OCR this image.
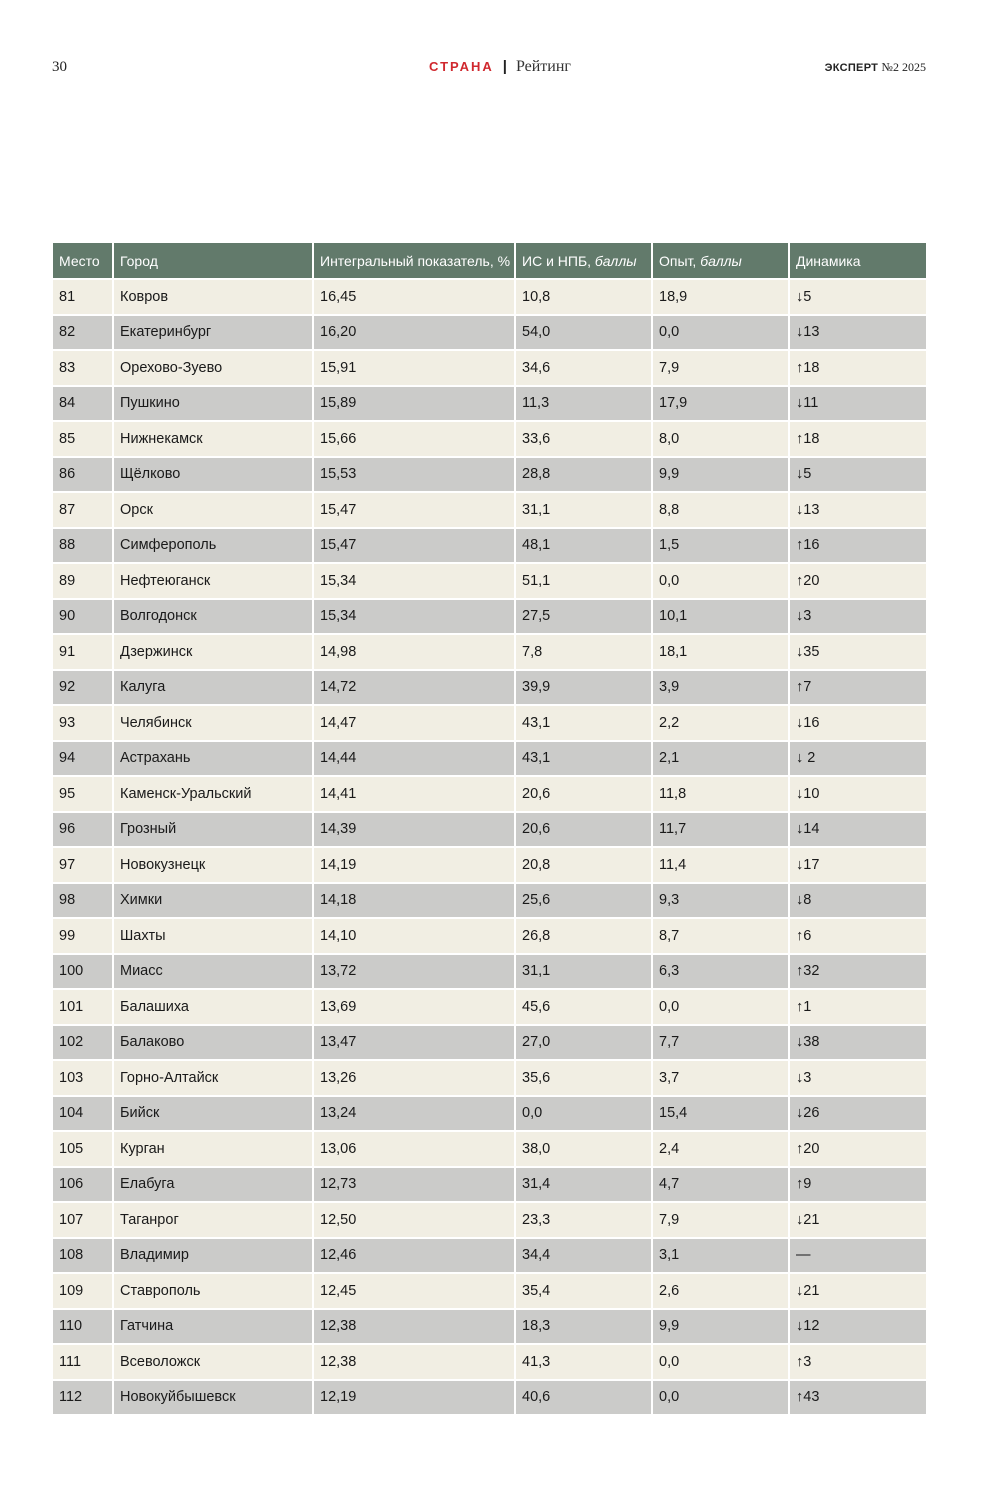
30	СТРАНА | Рейтинг	ЭКСПЕРТ №2 2025
Место	Город	Интегральный показатель, %	ИС и НПБ, баллы	Опыт, баллы	Динамика
81	Ковров	16,45	10,8	18,9	↓5
82	Екатеринбург	16,20	54,0	0,0	↓13
83	Орехово-Зуево	15,91	34,6	7,9	↑18
84	Пушкино	15,89	11,3	17,9	↓11
85	Нижнекамск	15,66	33,6	8,0	↑18
86	Щёлково	15,53	28,8	9,9	↓5
87	Орск	15,47	31,1	8,8	↓13
88	Симферополь	15,47	48,1	1,5	↑16
89	Нефтеюганск	15,34	51,1	0,0	↑20
90	Волгодонск	15,34	27,5	10,1	↓3
91	Дзержинск	14,98	7,8	18,1	↓35
92	Калуга	14,72	39,9	3,9	↑7
93	Челябинск	14,47	43,1	2,2	↓16
94	Астрахань	14,44	43,1	2,1	↓ 2
95	Каменск-Уральский	14,41	20,6	11,8	↓10
96	Грозный	14,39	20,6	11,7	↓14
97	Новокузнецк	14,19	20,8	11,4	↓17
98	Химки	14,18	25,6	9,3	↓8
99	Шахты	14,10	26,8	8,7	↑6
100	Миасс	13,72	31,1	6,3	↑32
101	Балашиха	13,69	45,6	0,0	↑1
102	Балаково	13,47	27,0	7,7	↓38
103	Горно-Алтайск	13,26	35,6	3,7	↓3
104	Бийск	13,24	0,0	15,4	↓26
105	Курган	13,06	38,0	2,4	↑20
106	Елабуга	12,73	31,4	4,7	↑9
107	Таганрог	12,50	23,3	7,9	↓21
108	Владимир	12,46	34,4	3,1	—
109	Ставрополь	12,45	35,4	2,6	↓21
110	Гатчина	12,38	18,3	9,9	↓12
111	Всеволожск	12,38	41,3	0,0	↑3
112	Новокуйбышевск	12,19	40,6	0,0	↑43
